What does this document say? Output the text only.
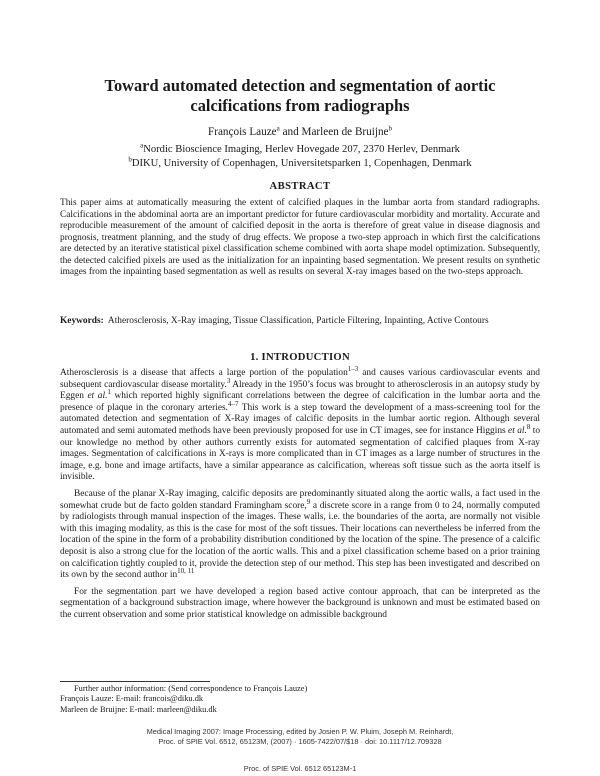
Toward automated detection and segmentation of aortic
calcifications from radiographs
François Lauze$^a$ and Marleen de Bruijne$^b$
$^a$Nordic Bioscience Imaging, Herlev Hovegade 207, 2370 Herlev, Denmark
$^b$DIKU, University of Copenhagen, Universitetsparken 1, Copenhagen, Denmark
ABSTRACT
This paper aims at automatically measuring the extent of calcified plaques in the lumbar aorta from standard radiographs. Calcifications in the abdominal aorta are an important predictor for future cardiovascular morbidity and mortality. Accurate and reproducible measurement of the amount of calcified deposit in the aorta is therefore of great value in disease diagnosis and prognosis, treatment planning, and the study of drug effects. We propose a two-step approach in which first the calcifications are detected by an iterative statistical pixel classification scheme combined with aorta shape model optimization. Subsequently, the detected calcified pixels are used as the initialization for an inpainting based segmentation. We present results on synthetic images from the inpainting based segmentation as well as results on several X-ray images based on the two-steps approach.
Keywords: Atherosclerosis, X-Ray imaging, Tissue Classification, Particle Filtering, Inpainting, Active Contours
1. INTRODUCTION

Atherosclerosis is a disease that affects a large portion of the population$^{1-3}$ and causes various cardiovascular events and subsequent cardiovascular disease mortality.$^3$ Already in the 1950’s focus was brought to atherosclerosis in an autopsy study by Eggen et al.$^1$ which reported highly significant correlations between the degree of calcification in the lumbar aorta and the presence of plaque in the coronary arteries.$^{4-7}$ This work is a step toward the development of a mass-screening tool for the automated detection and segmentation of X-Ray images of calcific deposits in the lumbar aortic region. Although several automated and semi automated methods have been previously proposed for use in CT images, see for instance Higgins et al.$^8$ to our knowledge no method by other authors currently exists for automated segmentation of calcified plaques from X-ray images. Segmentation of calcifications in X-rays is more complicated than in CT images as a large number of structures in the image, e.g. bone and image artifacts, have a similar appearance as calcification, whereas soft tissue such as the aorta itself is invisible.

Because of the planar X-Ray imaging, calcific deposits are predominantly situated along the aortic walls, a fact used in the somewhat crude but de facto golden standard Framingham score,$^9$ a discrete score in a range from 0 to 24, normally computed by radiologists through manual inspection of the images. These walls, i.e. the boundaries of the aorta, are normally not visible with this imaging modality, as this is the case for most of the soft tissues. Their locations can nevertheless be inferred from the location of the spine in the form of a probability distribution conditioned by the location of the spine. The presence of a calcific deposit is also a strong clue for the location of the aortic walls. This and a pixel classification scheme based on a prior training on calcification tightly coupled to it, provide the detection step of our method. This step has been investigated and described on its own by the second author in$^{10, 11}$

For the segmentation part we have developed a region based active contour approach, that can be interpreted as the segmentation of a background substraction image, where however the background is unknown and must be estimated based on the current observation and some prior statistical knowledge on admissible background

Further author information: (Send correspondence to François Lauze)
François Lauze: E-mail: francois@diku.dk
Marleen de Bruijne: E-mail: marleen@diku.dk
Medical Imaging 2007: Image Processing, edited by Josien P. W. Pluim, Joseph M. Reinhardt,
Proc. of SPIE Vol. 6512, 65123M, (2007) · 1605-7422/07/$18 · doi: 10.1117/12.709328
Proc. of SPIE Vol. 6512 65123M-1
